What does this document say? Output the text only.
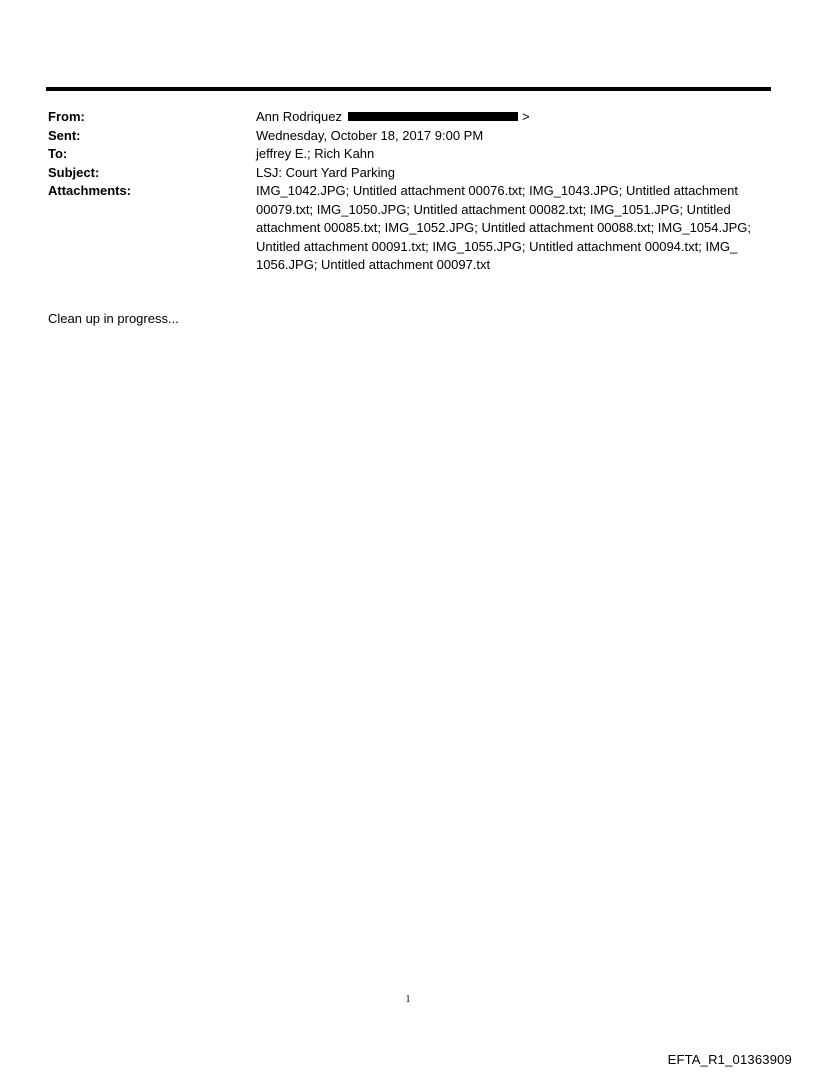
From:	Ann Rodriquez	>
Sent:	Wednesday, October 18, 2017 9:00 PM
To:	jeffrey E.; Rich Kahn
Subject:	LSJ: Court Yard Parking
Attachments:	IMG_1042.JPG; Untitled attachment 00076.txt; IMG_1043.JPG; Untitled attachment 00079.txt; IMG_1050.JPG; Untitled attachment 00082.txt; IMG_1051.JPG; Untitled attachment 00085.txt; IMG_1052.JPG; Untitled attachment 00088.txt; IMG_1054.JPG; Untitled attachment 00091.txt; IMG_1055.JPG; Untitled attachment 00094.txt; IMG_ 1056.JPG; Untitled attachment 00097.txt
Clean up in progress...
1
EFTA_R1_01363909
